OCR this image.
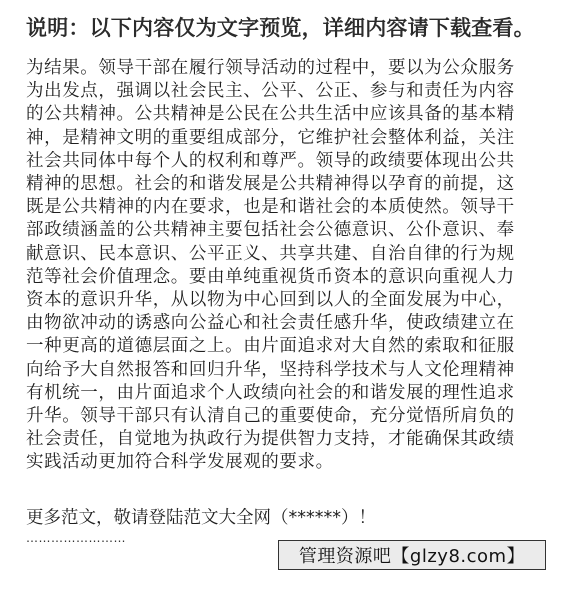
说明：以下内容仅为文字预览，详细内容请下载查看。
为结果。领导干部在履行领导活动的过程中，要以为公众服务
为出发点，强调以社会民主、公平、公正、参与和责任为内容
的公共精神。公共精神是公民在公共生活中应该具备的基本精
神，是精神文明的重要组成部分，它维护社会整体利益，关注
社会共同体中每个人的权利和尊严。领导的政绩要体现出公共
精神的思想。社会的和谐发展是公共精神得以孕育的前提，这
既是公共精神的内在要求，也是和谐社会的本质使然。领导干
部政绩涵盖的公共精神主要包括社会公德意识、公仆意识、奉
献意识、民本意识、公平正义、共享共建、自治自律的行为规
范等社会价值理念。要由单纯重视货币资本的意识向重视人力
资本的意识升华，从以物为中心回到以人的全面发展为中心，
由物欲冲动的诱惑向公益心和社会责任感升华，使政绩建立在
一种更高的道德层面之上。由片面追求对大自然的索取和征服
向给予大自然报答和回归升华，坚持科学技术与人文伦理精神
有机统一，由片面追求个人政绩向社会的和谐发展的理性追求
升华。领导干部只有认清自己的重要使命，充分觉悟所肩负的
社会责任，自觉地为执政行为提供智力支持，才能确保其政绩
实践活动更加符合科学发展观的要求。
更多范文，敬请登陆范文大全网（******）！
……………………
管理资源吧【glzy8.com】
